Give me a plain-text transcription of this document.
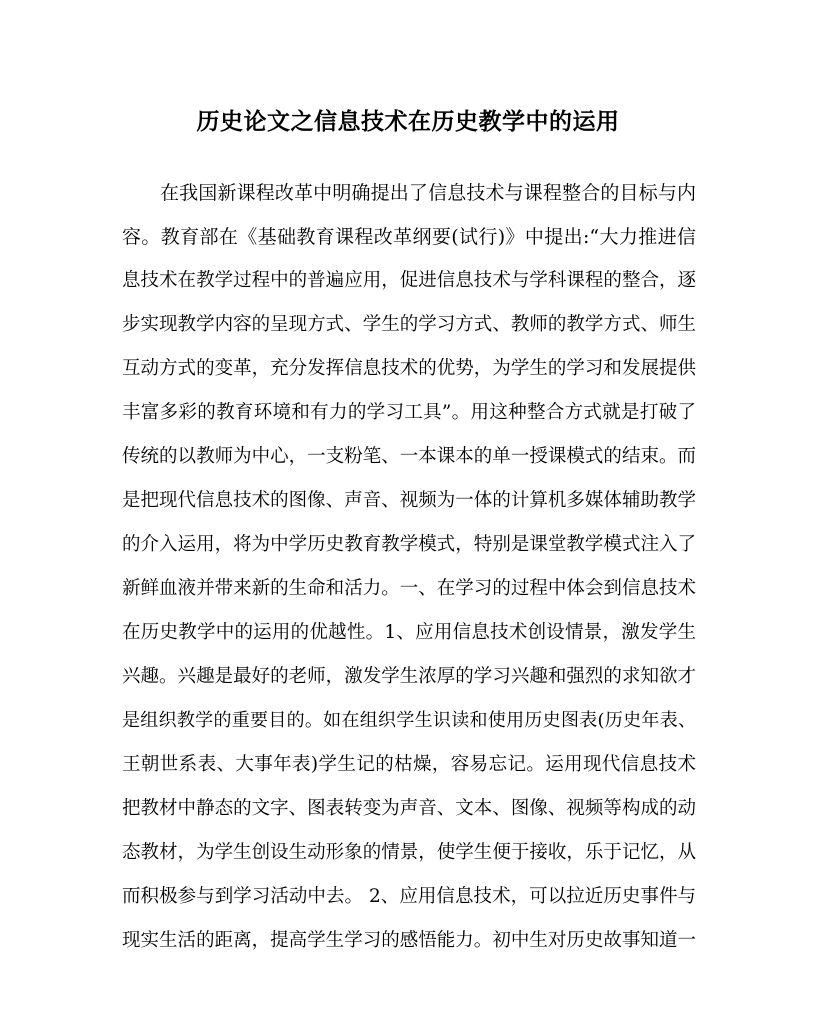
历史论文之信息技术在历史教学中的运用
在我国新课程改革中明确提出了信息技术与课程整合的目标与内
容。教育部在《基础教育课程改革纲要(试行)》中提出:“大力推进信
息技术在教学过程中的普遍应用，促进信息技术与学科课程的整合，逐
步实现教学内容的呈现方式、学生的学习方式、教师的教学方式、师生
互动方式的变革，充分发挥信息技术的优势，为学生的学习和发展提供
丰富多彩的教育环境和有力的学习工具”。用这种整合方式就是打破了
传统的以教师为中心，一支粉笔、一本课本的单一授课模式的结束。而
是把现代信息技术的图像、声音、视频为一体的计算机多媒体辅助教学
的介入运用，将为中学历史教育教学模式，特别是课堂教学模式注入了
新鲜血液并带来新的生命和活力。一、在学习的过程中体会到信息技术
在历史教学中的运用的优越性。1、应用信息技术创设情景，激发学生
兴趣。兴趣是最好的老师，激发学生浓厚的学习兴趣和强烈的求知欲才
是组织教学的重要目的。如在组织学生识读和使用历史图表(历史年表、
王朝世系表、大事年表)学生记的枯燥，容易忘记。运用现代信息技术
把教材中静态的文字、图表转变为声音、文本、图像、视频等构成的动
态教材，为学生创设生动形象的情景，使学生便于接收，乐于记忆，从
而积极参与到学习活动中去。 2、应用信息技术，可以拉近历史事件与
现实生活的距离，提高学生学习的感悟能力。初中生对历史故事知道一
